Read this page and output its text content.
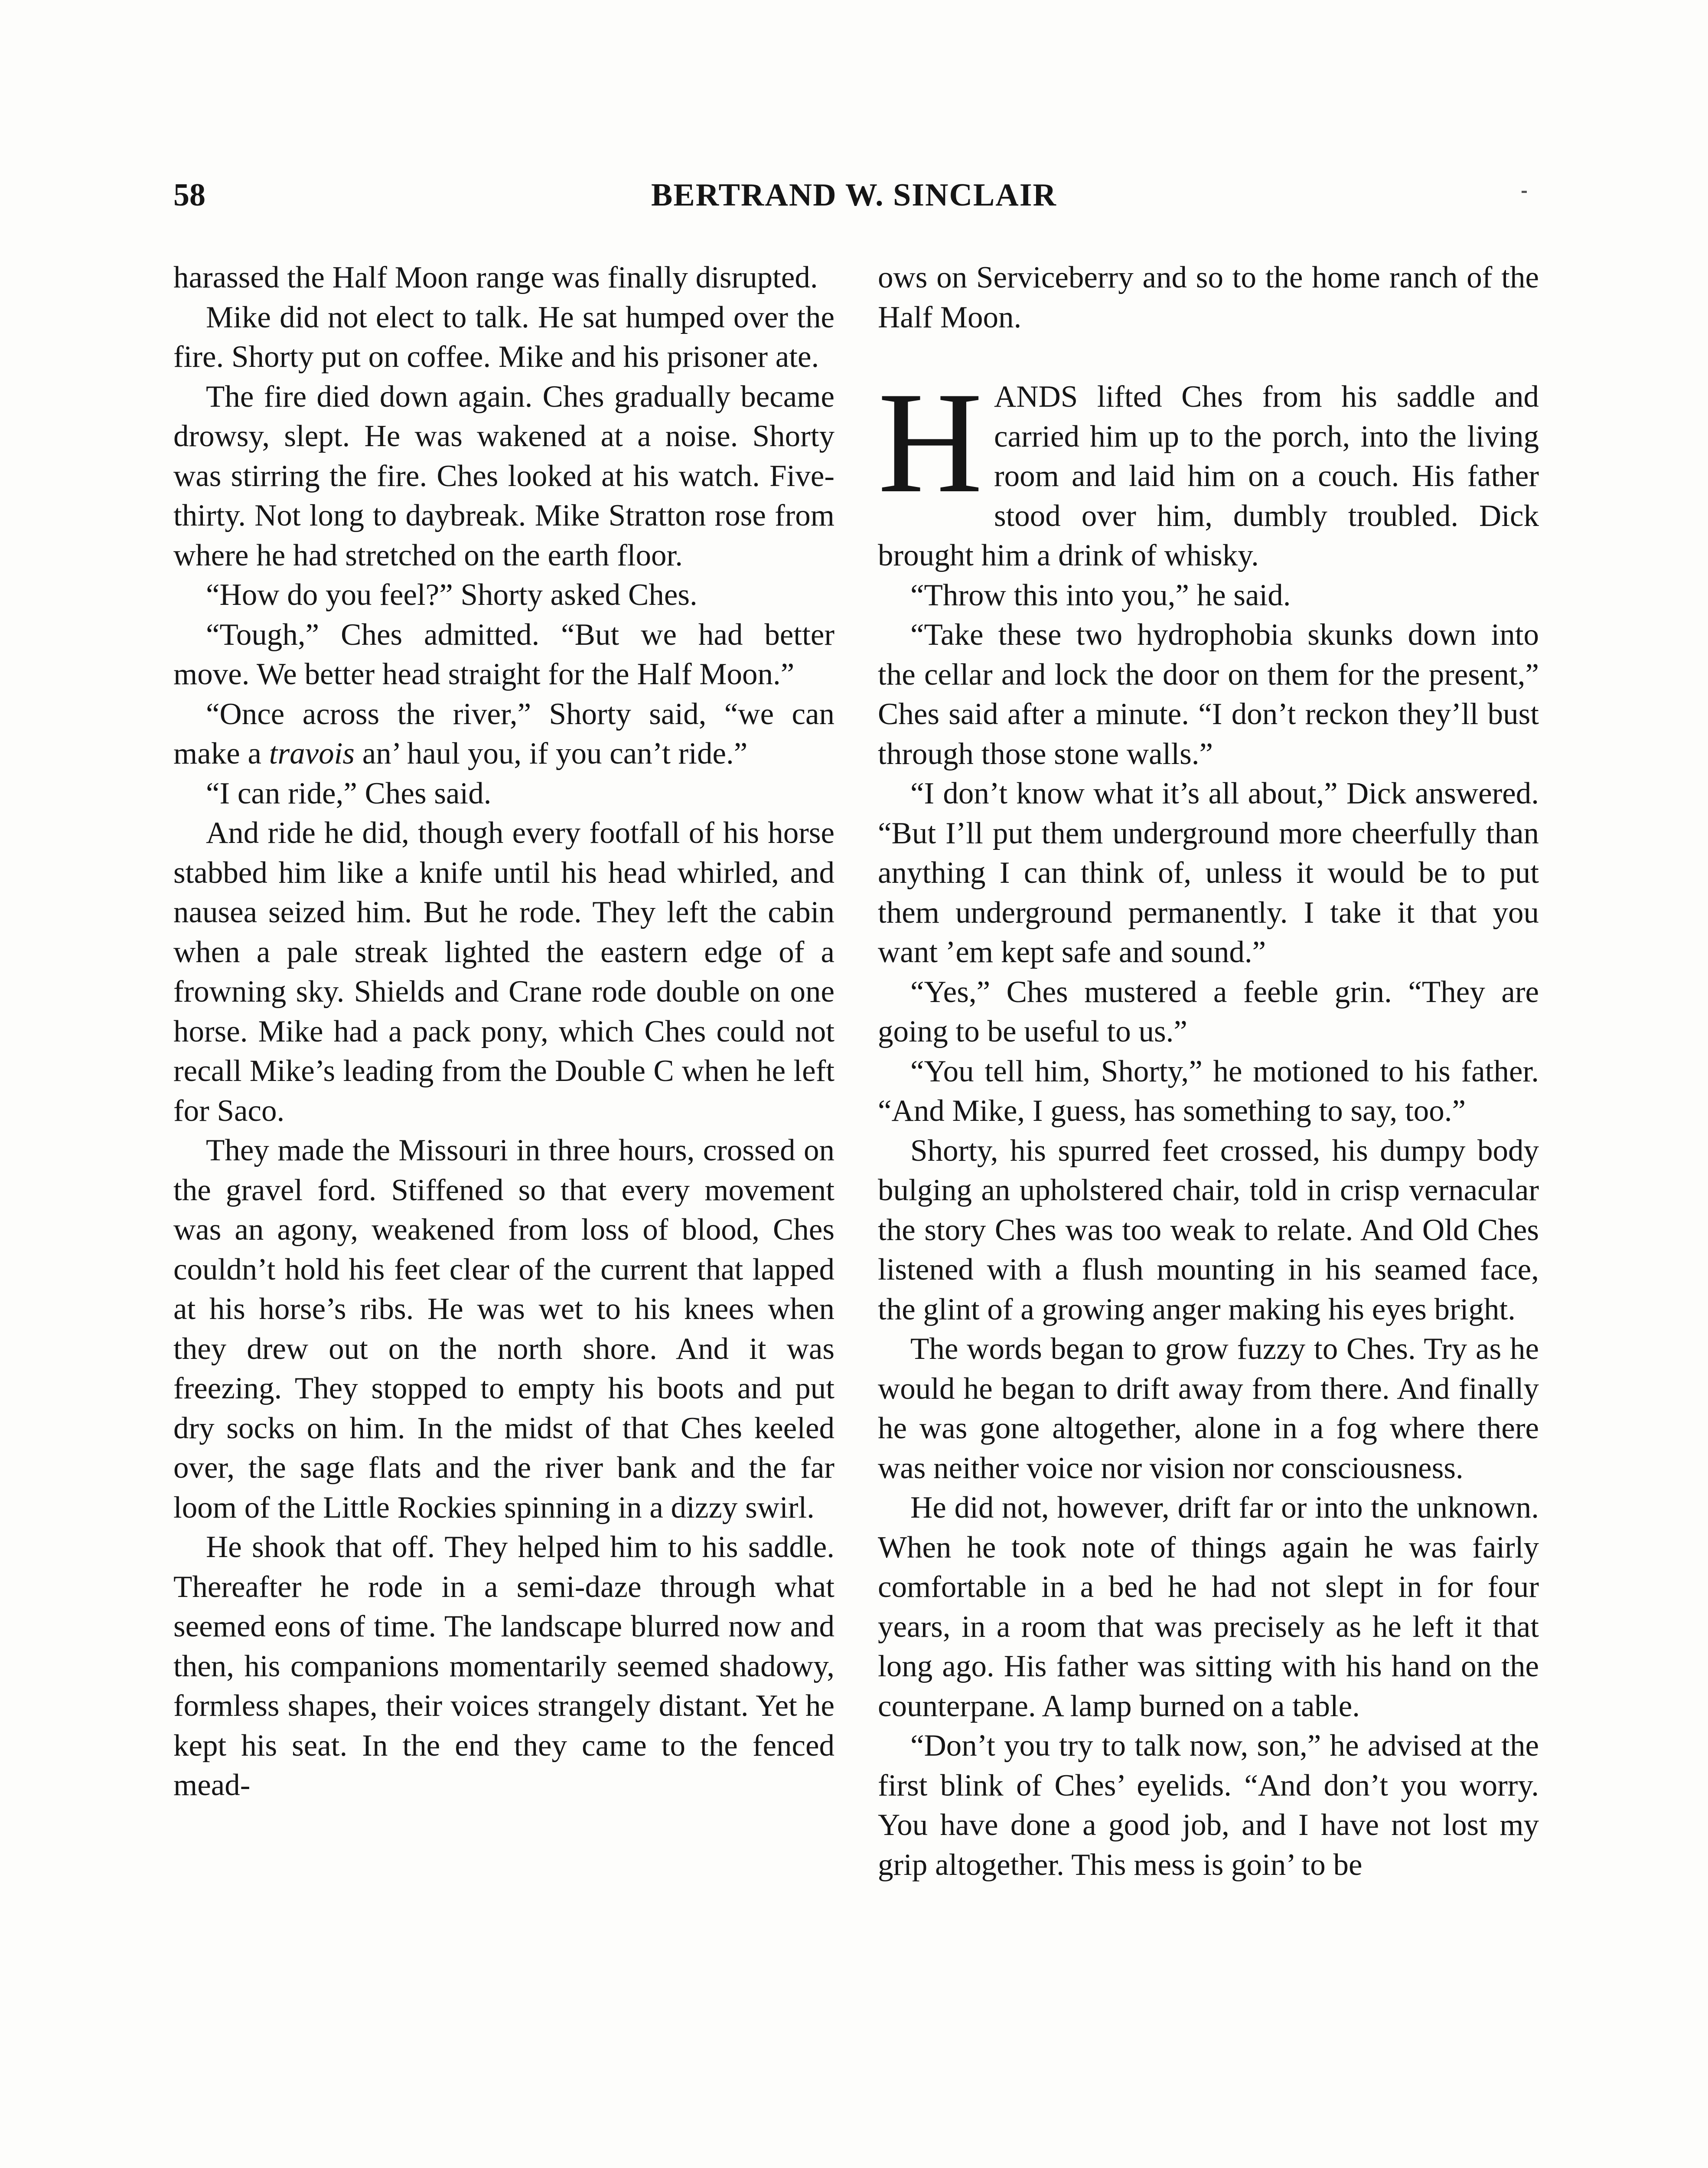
58	BERTRAND W. SINCLAIR

harassed the Half Moon range was finally disrupted.

Mike did not elect to talk. He sat humped over the fire. Shorty put on coffee. Mike and his prisoner ate.

The fire died down again. Ches gradually became drowsy, slept. He was wakened at a noise. Shorty was stirring the fire. Ches looked at his watch. Five-thirty. Not long to daybreak. Mike Stratton rose from where he had stretched on the earth floor.

“How do you feel?” Shorty asked Ches.

“Tough,” Ches admitted. “But we had better move. We better head straight for the Half Moon.”

“Once across the river,” Shorty said, “we can make a travois an’ haul you, if you can’t ride.”

“I can ride,” Ches said.

And ride he did, though every footfall of his horse stabbed him like a knife until his head whirled, and nausea seized him. But he rode. They left the cabin when a pale streak lighted the eastern edge of a frowning sky. Shields and Crane rode double on one horse. Mike had a pack pony, which Ches could not recall Mike’s leading from the Double C when he left for Saco.

They made the Missouri in three hours, crossed on the gravel ford. Stiffened so that every movement was an agony, weakened from loss of blood, Ches couldn’t hold his feet clear of the current that lapped at his horse’s ribs. He was wet to his knees when they drew out on the north shore. And it was freezing. They stopped to empty his boots and put dry socks on him. In the midst of that Ches keeled over, the sage flats and the river bank and the far loom of the Little Rockies spinning in a dizzy swirl.

He shook that off. They helped him to his saddle. Thereafter he rode in a semi-daze through what seemed eons of time. The landscape blurred now and then, his companions momentarily seemed shadowy, formless shapes, their voices strangely distant. Yet he kept his seat. In the end they came to the fenced mead-

ows on Serviceberry and so to the home ranch of the Half Moon.

HANDS lifted Ches from his saddle and carried him up to the porch, into the living room and laid him on a couch. His father stood over him, dumbly troubled. Dick brought him a drink of whisky.

“Throw this into you,” he said.

“Take these two hydrophobia skunks down into the cellar and lock the door on them for the present,” Ches said after a minute. “I don’t reckon they’ll bust through those stone walls.”

“I don’t know what it’s all about,” Dick answered. “But I’ll put them underground more cheerfully than anything I can think of, unless it would be to put them underground permanently. I take it that you want ’em kept safe and sound.”

“Yes,” Ches mustered a feeble grin. “They are going to be useful to us.”

“You tell him, Shorty,” he motioned to his father. “And Mike, I guess, has something to say, too.”

Shorty, his spurred feet crossed, his dumpy body bulging an upholstered chair, told in crisp vernacular the story Ches was too weak to relate. And Old Ches listened with a flush mounting in his seamed face, the glint of a growing anger making his eyes bright.

The words began to grow fuzzy to Ches. Try as he would he began to drift away from there. And finally he was gone altogether, alone in a fog where there was neither voice nor vision nor consciousness.

He did not, however, drift far or into the unknown. When he took note of things again he was fairly comfortable in a bed he had not slept in for four years, in a room that was precisely as he left it that long ago. His father was sitting with his hand on the counterpane. A lamp burned on a table.

“Don’t you try to talk now, son,” he advised at the first blink of Ches’ eyelids. “And don’t you worry. You have done a good job, and I have not lost my grip altogether. This mess is goin’ to be
